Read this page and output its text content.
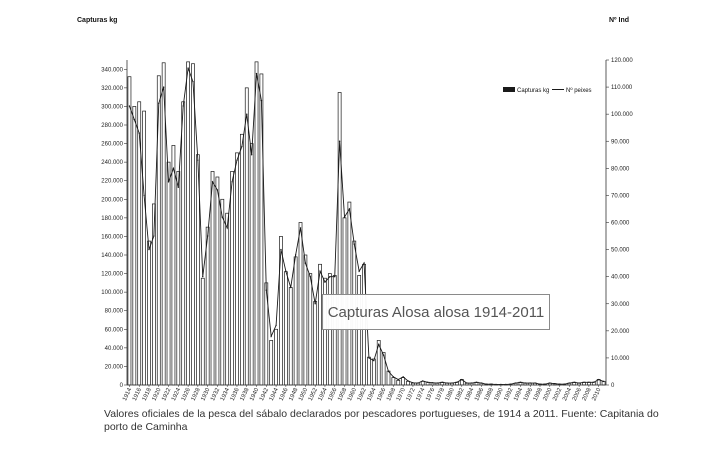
Capturas kg	Nº Ind
0
20.000
40.000
60.000
80.000
100.000
120.000
140.000
160.000
180.000
200.000
220.000
240.000
260.000
280.000
300.000
320.000
340.000
0
10.000
20.000
30.000
40.000
50.000
60.000
70.000
80.000
90.000
100.000
110.000
120.000
1914
1916
1918
1920
1922
1924
1926
1928
1930
1932
1934
1936
1938
1940
1942
1944
1946
1948
1950
1952
1954
1956
1958
1960
1962
1964
1966
1968
1970
1972
1974
1976
1978
1980
1982
1984
1986
1988
1990
1992
1994
1996
1998
2000
2002
2004
2006
2008
2010
Capturas kg	Nº peixes
Capturas Alosa alosa 1914-2011
Valores oficiales de la pesca del sábalo declarados por pescadores portugueses, de 1914 a 2011. Fuente: Capitania do porto de Caminha
